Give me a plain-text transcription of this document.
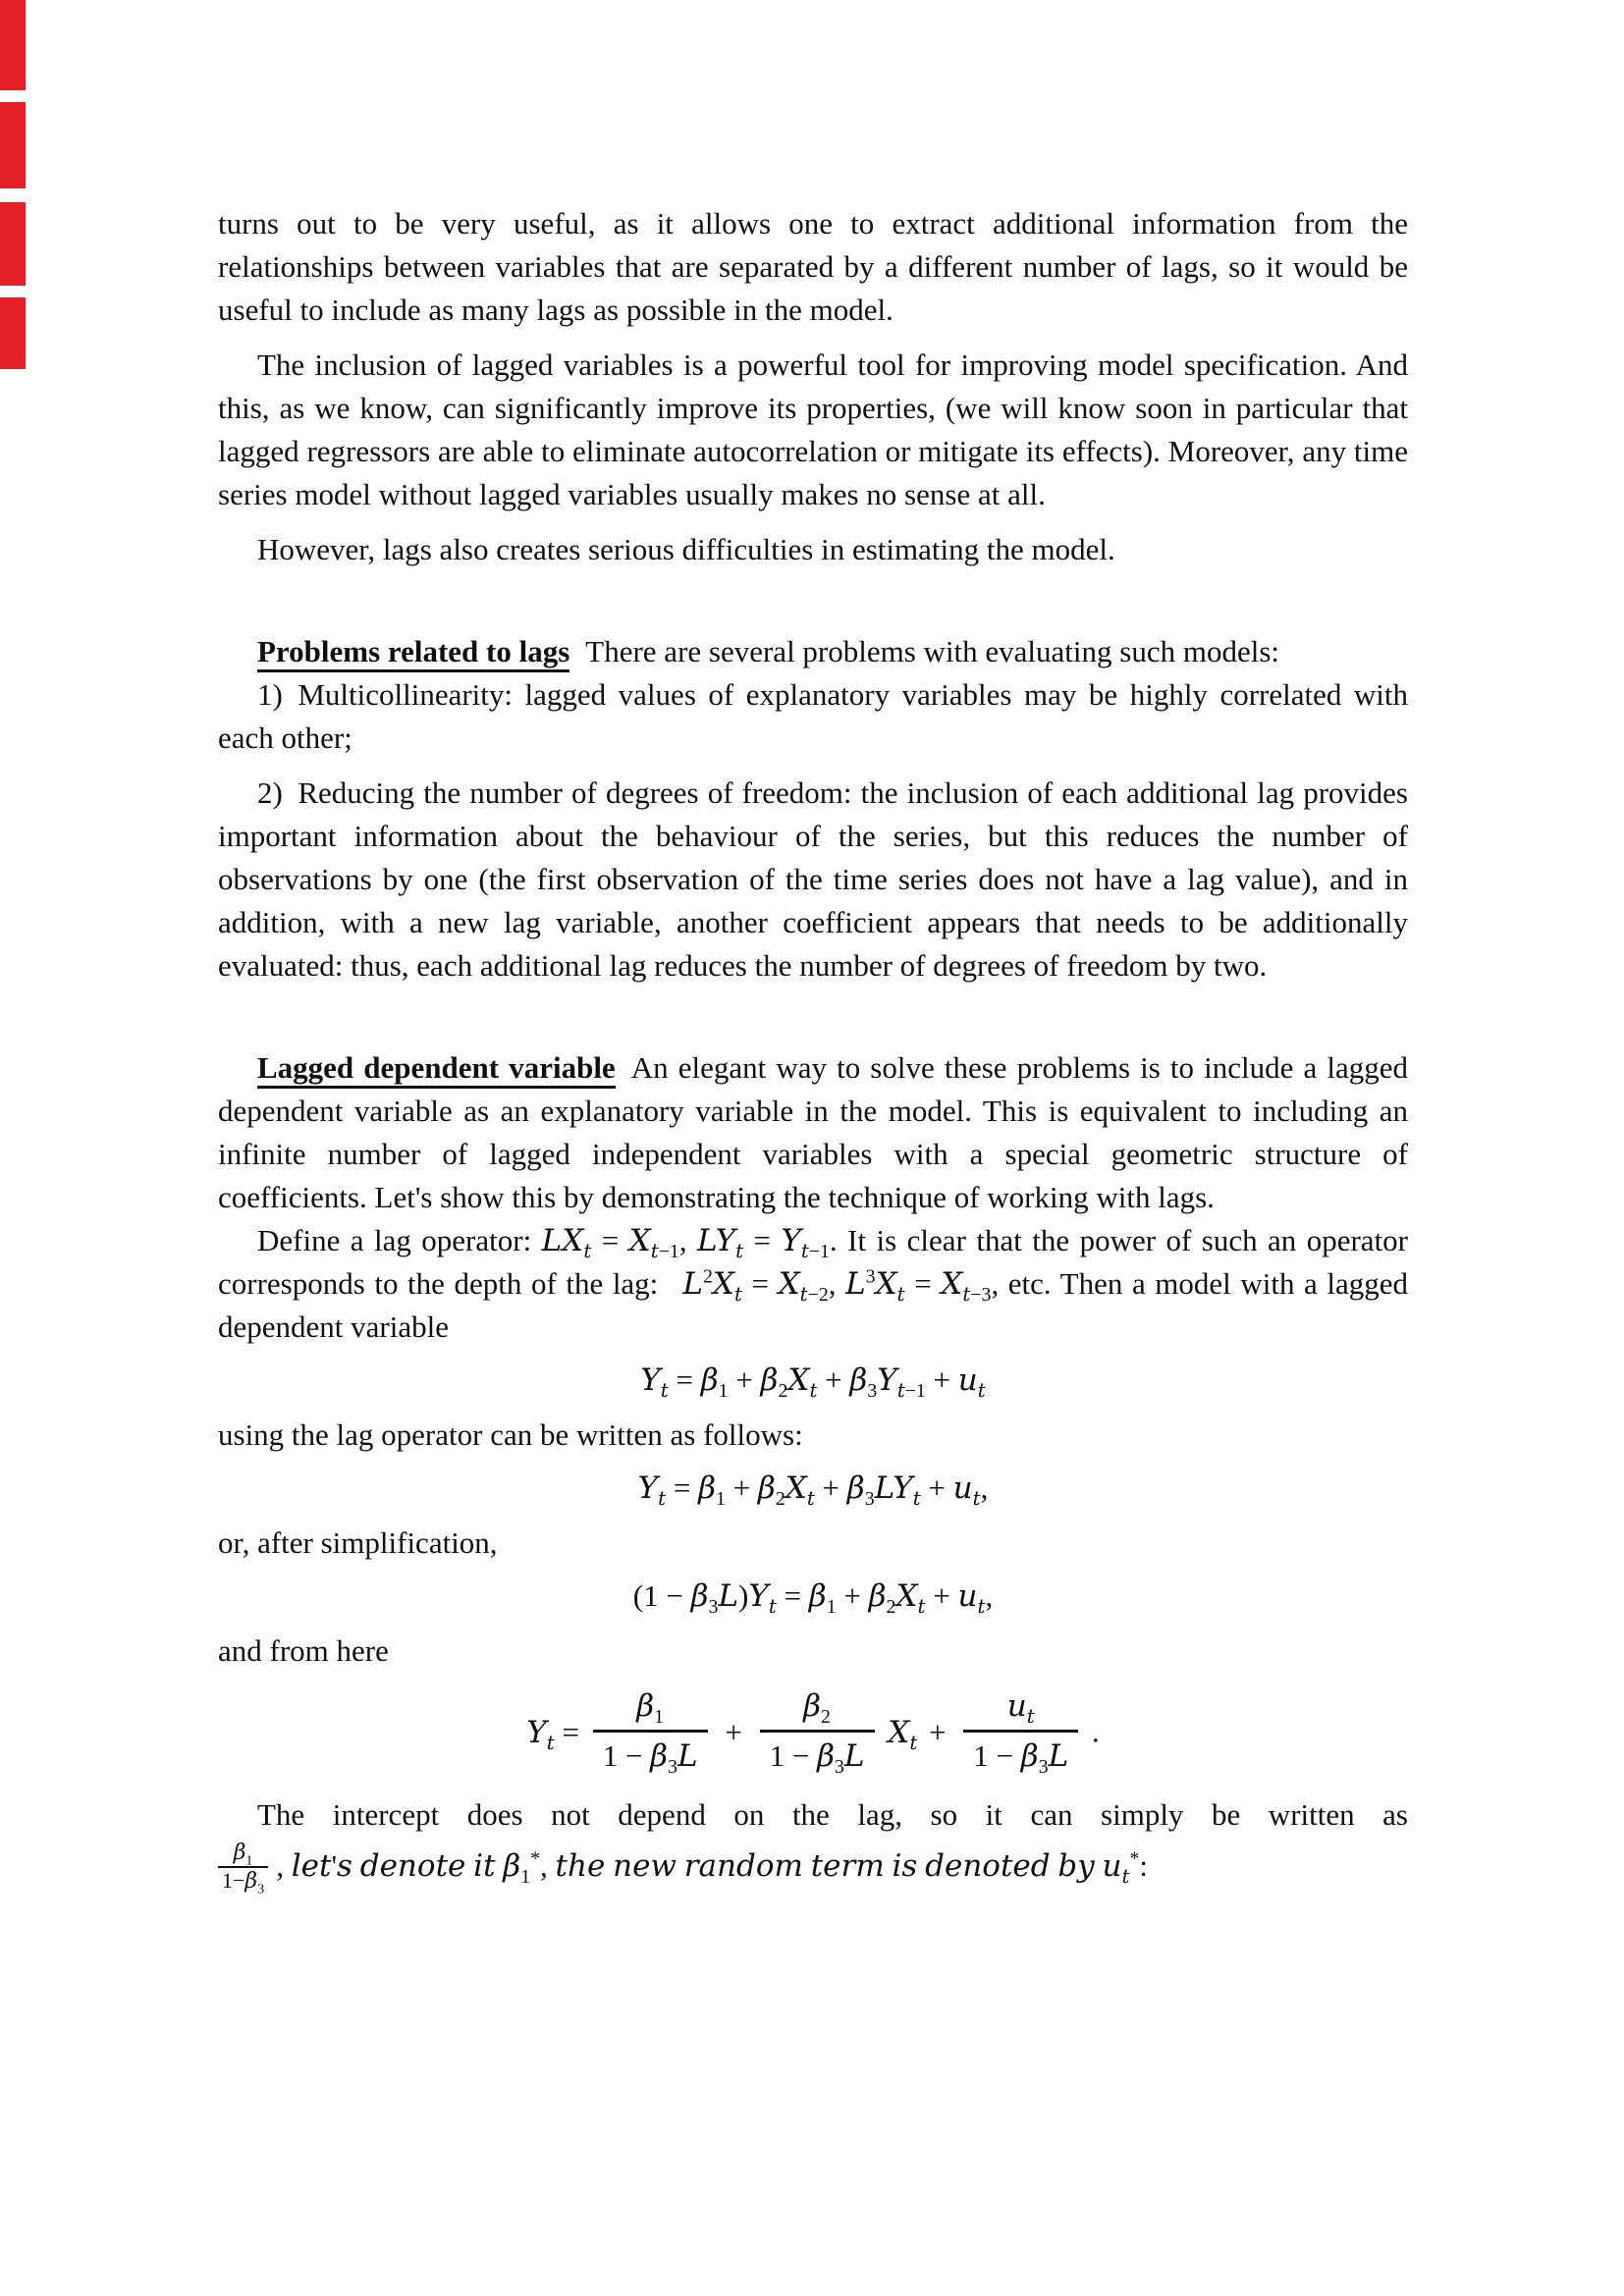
turns out to be very useful, as it allows one to extract additional information from the relationships between variables that are separated by a different number of lags, so it would be useful to include as many lags as possible in the model.
The inclusion of lagged variables is a powerful tool for improving model specification. And this, as we know, can significantly improve its properties, (we will know soon in particular that lagged regressors are able to eliminate autocorrelation or mitigate its effects). Moreover, any time series model without lagged variables usually makes no sense at all.
However, lags also creates serious difficulties in estimating the model.
Problems related to lags There are several problems with evaluating such models:
1) Multicollinearity: lagged values of explanatory variables may be highly correlated with each other;
2) Reducing the number of degrees of freedom: the inclusion of each additional lag provides important information about the behaviour of the series, but this reduces the number of observations by one (the first observation of the time series does not have a lag value), and in addition, with a new lag variable, another coefficient appears that needs to be additionally evaluated: thus, each additional lag reduces the number of degrees of freedom by two.
Lagged dependent variable An elegant way to solve these problems is to include a lagged dependent variable as an explanatory variable in the model. This is equivalent to including an infinite number of lagged independent variables with a special geometric structure of coefficients. Let's show this by demonstrating the technique of working with lags.
Define a lag operator: $LX_t = X_{t-1}$, $LY_t = Y_{t-1}$. It is clear that the power of such an operator corresponds to the depth of the lag:  $L^2X_t = X_{t-2}$, $L^3X_t = X_{t-3}$, etc. Then a model with a lagged dependent variable
$Y_t = \beta_1 + \beta_2X_t + \beta_3Y_{t-1} + u_t$
using the lag operator can be written as follows:
$Y_t = \beta_1 + \beta_2X_t + \beta_3LY_t + u_t$,
or, after simplification,
$(1 - \beta_3L)Y_t = \beta_1 + \beta_2X_t + u_t$,
and from here
$Y_t = \frac{\beta_1}{1 - \beta_3L} + \frac{\beta_2}{1 - \beta_3L} X_t + \frac{u_t}{1 - \beta_3L}$ .
The intercept does not depend on the lag, so it can simply be written as
$\frac{\beta_1}{1-\beta_3}$ , let's denote it $\beta_1^*$, the new random term is denoted by $u_t^*$:
